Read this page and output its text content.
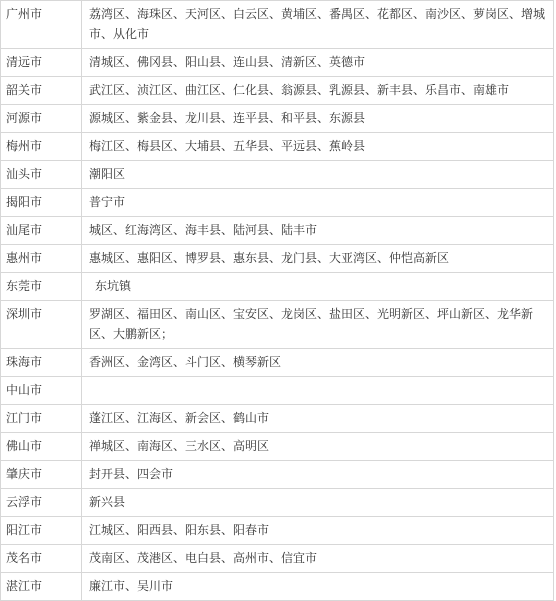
广州市	荔湾区、海珠区、天河区、白云区、黄埔区、番禺区、花都区、南沙区、萝岗区、增城市、从化市
清远市	清城区、佛冈县、阳山县、连山县、清新区、英德市
韶关市	武江区、浈江区、曲江区、仁化县、翁源县、乳源县、新丰县、乐昌市、南雄市
河源市	源城区、紫金县、龙川县、连平县、和平县、东源县
梅州市	梅江区、梅县区、大埔县、五华县、平远县、蕉岭县
汕头市	潮阳区
揭阳市	普宁市
汕尾市	城区、红海湾区、海丰县、陆河县、陆丰市
惠州市	惠城区、惠阳区、博罗县、惠东县、龙门县、大亚湾区、仲恺高新区
东莞市	东坑镇
深圳市	罗湖区、福田区、南山区、宝安区、龙岗区、盐田区、光明新区、坪山新区、龙华新区、大鹏新区；
珠海市	香洲区、金湾区、斗门区、横琴新区
中山市	
江门市	蓬江区、江海区、新会区、鹤山市
佛山市	禅城区、南海区、三水区、高明区
肇庆市	封开县、四会市
云浮市	新兴县
阳江市	江城区、阳西县、阳东县、阳春市
茂名市	茂南区、茂港区、电白县、高州市、信宜市
湛江市	廉江市、吴川市
